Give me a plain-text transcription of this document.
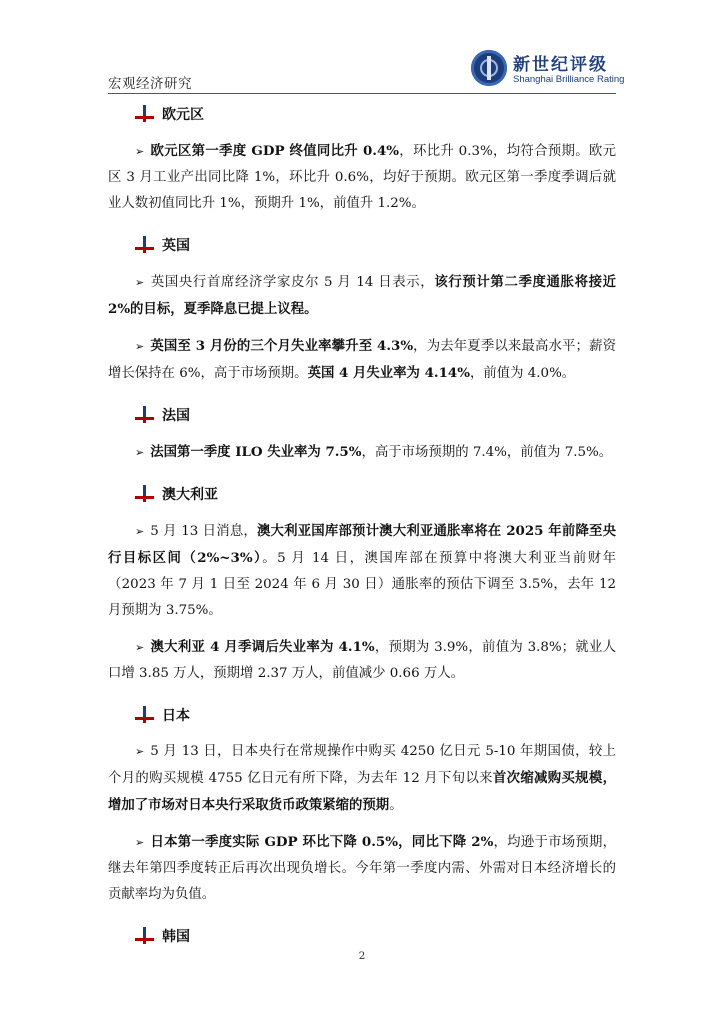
宏观经济研究
新世纪评级
Shanghai Brilliance Rating
欧元区

➢ 欧元区第一季度 GDP 终值同比升 0.4%，环比升 0.3%，均符合预期。欧元区 3 月工业产出同比降 1%，环比升 0.6%，均好于预期。欧元区第一季度季调后就业人数初值同比升 1%，预期升 1%，前值升 1.2%。

英国

➢ 英国央行首席经济学家皮尔 5 月 14 日表示，该行预计第二季度通胀将接近 2%的目标，夏季降息已提上议程。

➢ 英国至 3 月份的三个月失业率攀升至 4.3%，为去年夏季以来最高水平；薪资增长保持在 6%，高于市场预期。英国 4 月失业率为 4.14%，前值为 4.0%。

法国

➢ 法国第一季度 ILO 失业率为 7.5%，高于市场预期的 7.4%，前值为 7.5%。

澳大利亚

➢ 5 月 13 日消息，澳大利亚国库部预计澳大利亚通胀率将在 2025 年前降至央行目标区间（2%~3%）。5 月 14 日，澳国库部在预算中将澳大利亚当前财年（2023 年 7 月 1 日至 2024 年 6 月 30 日）通胀率的预估下调至 3.5%，去年 12 月预期为 3.75%。

➢ 澳大利亚 4 月季调后失业率为 4.1%，预期为 3.9%，前值为 3.8%；就业人口增 3.85 万人，预期增 2.37 万人，前值减少 0.66 万人。

日本

➢ 5 月 13 日，日本央行在常规操作中购买 4250 亿日元 5-10 年期国债，较上个月的购买规模 4755 亿日元有所下降，为去年 12 月下旬以来首次缩减购买规模，增加了市场对日本央行采取货币政策紧缩的预期。

➢ 日本第一季度实际 GDP 环比下降 0.5%，同比下降 2%，均逊于市场预期，继去年第四季度转正后再次出现负增长。今年第一季度内需、外需对日本经济增长的贡献率均为负值。

韩国
2
